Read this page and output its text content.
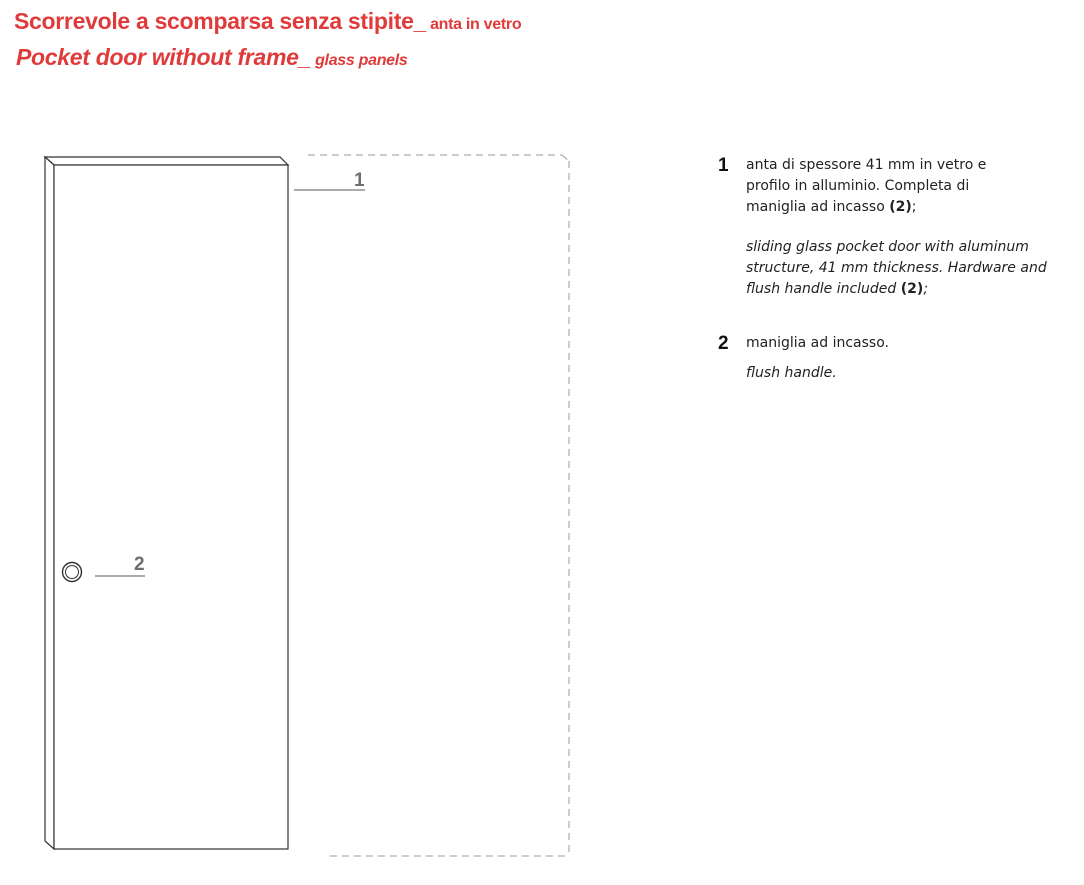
Scorrevole a scomparsa senza stipite_ anta in vetro
Pocket door without frame_ glass panels
1
2
1 anta di spessore 41 mm in vetro e
profilo in alluminio. Completa di
maniglia ad incasso (2);
sliding glass pocket door with aluminum
structure, 41 mm thickness. Hardware and
flush handle included (2);
2 maniglia ad incasso.
flush handle.
